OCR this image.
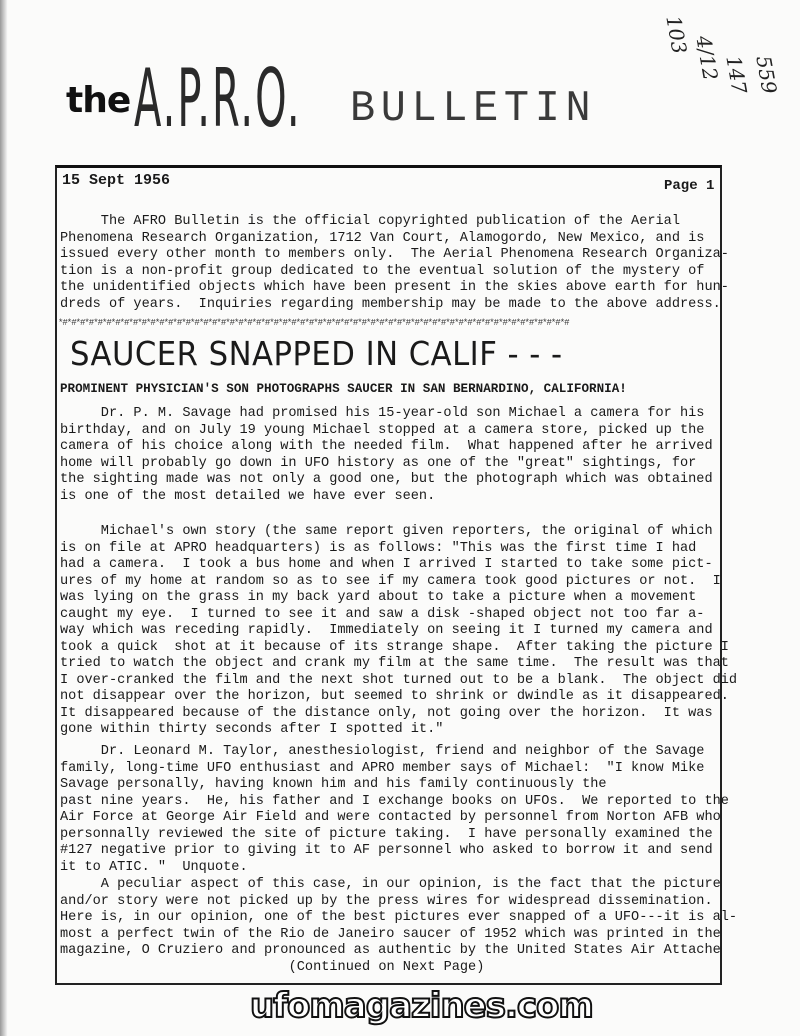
the A.P.R.O. BULLETIN
103 4/12
147 559
15 Sept 1956	Page 1
The AFRO Bulletin is the official copyrighted publication of the Aerial
Phenomena Research Organization, 1712 Van Court, Alamogordo, New Mexico, and is
issued every other month to members only.  The Aerial Phenomena Research Organiza-
tion is a non-profit group dedicated to the eventual solution of the mystery of
the unidentified objects which have been present in the skies above earth for hun-
dreds of years.  Inquiries regarding membership may be made to the above address.
*#*#*#*#*#*#*#*#*#*#*#*#*#*#*#*#*#*#*#*#*#*#*#*#*#*#*#*#*#*#*#*#*#*#*#*#*#*#*#*#*#*#*#*#*#*#*#*#*#*#*#*#*#*#*#*#*#*#
SAUCER SNAPPED IN CALIF - - -
PROMINENT PHYSICIAN'S SON PHOTOGRAPHS SAUCER IN SAN BERNARDINO, CALIFORNIA!
Dr. P. M. Savage had promised his 15-year-old son Michael a camera for his
birthday, and on July 19 young Michael stopped at a camera store, picked up the
camera of his choice along with the needed film.  What happened after he arrived
home will probably go down in UFO history as one of the "great" sightings, for
the sighting made was not only a good one, but the photograph which was obtained
is one of the most detailed we have ever seen.
Michael's own story (the same report given reporters, the original of which
is on file at APRO headquarters) is as follows: "This was the first time I had
had a camera.  I took a bus home and when I arrived I started to take some pict-
ures of my home at random so as to see if my camera took good pictures or not.  I
was lying on the grass in my back yard about to take a picture when a movement
caught my eye.  I turned to see it and saw a disk -shaped object not too far a-
way which was receding rapidly.  Immediately on seeing it I turned my camera and
took a quick  shot at it because of its strange shape.  After taking the picture I
tried to watch the object and crank my film at the same time.  The result was that
I over-cranked the film and the next shot turned out to be a blank.  The object did
not disappear over the horizon, but seemed to shrink or dwindle as it disappeared.
It disappeared because of the distance only, not going over the horizon.  It was
gone within thirty seconds after I spotted it."
Dr. Leonard M. Taylor, anesthesiologist, friend and neighbor of the Savage
family, long-time UFO enthusiast and APRO member says of Michael:  "I know Mike
Savage personally, having known him and his family continuously the
past nine years.  He, his father and I exchange books on UFOs.  We reported to the
Air Force at George Air Field and were contacted by personnel from Norton AFB who
personnally reviewed the site of picture taking.  I have personally examined the
#127 negative prior to giving it to AF personnel who asked to borrow it and send
it to ATIC. "  Unquote.
A peculiar aspect of this case, in our opinion, is the fact that the picture
and/or story were not picked up by the press wires for widespread dissemination.
Here is, in our opinion, one of the best pictures ever snapped of a UFO---it is al-
most a perfect twin of the Rio de Janeiro saucer of 1952 which was printed in the
magazine, O Cruziero and pronounced as authentic by the United States Air Attache
(Continued on Next Page)
ufomagazines.com
